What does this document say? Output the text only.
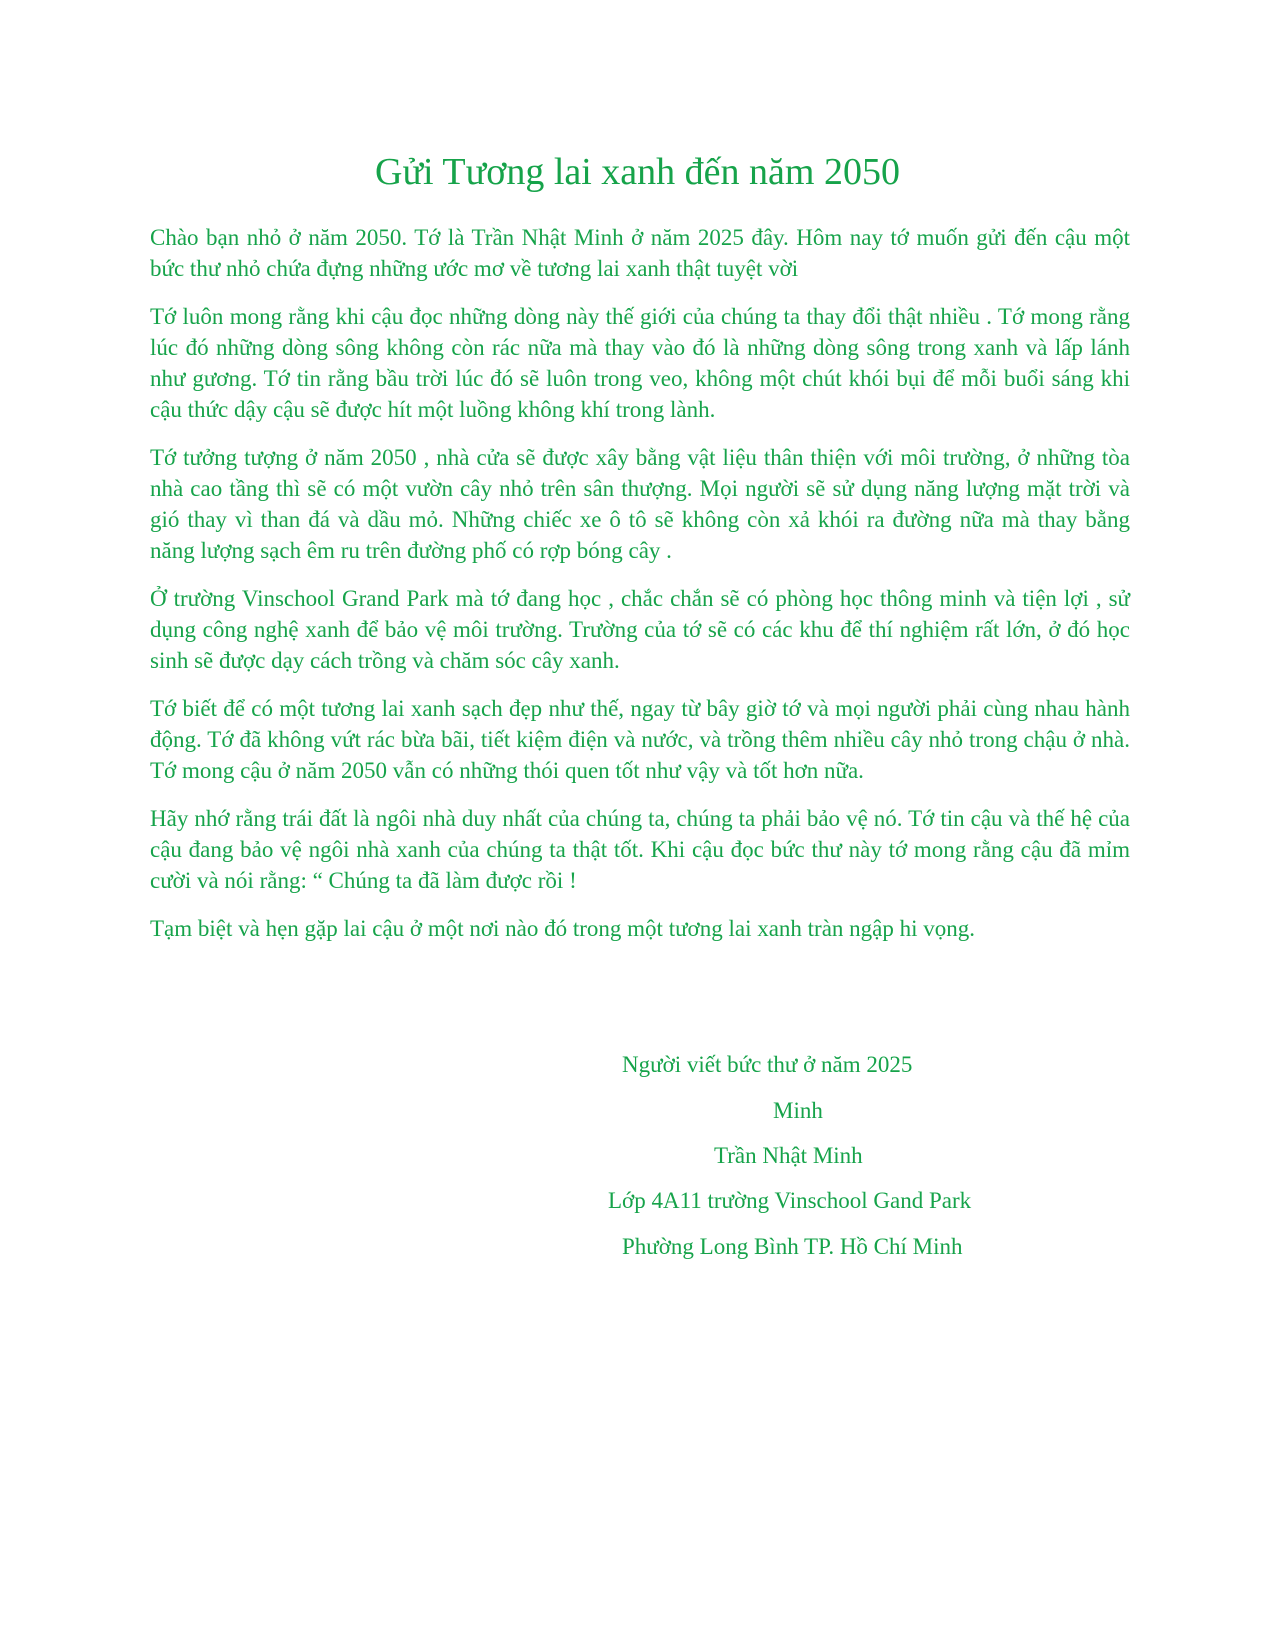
Gửi Tương lai xanh đến năm 2050

Chào bạn nhỏ ở năm 2050. Tớ là Trần Nhật Minh ở năm 2025 đây. Hôm nay tớ muốn gửi đến cậu một bức thư nhỏ chứa đựng những ước mơ về tương lai xanh thật tuyệt vời

Tớ luôn mong rằng khi cậu đọc những dòng này thế giới của chúng ta thay đổi thật nhiều . Tớ mong rằng lúc đó những dòng sông không còn rác nữa mà thay vào đó là những dòng sông trong xanh và lấp lánh như gương. Tớ tin rằng bầu trời lúc đó sẽ luôn trong veo, không một chút khói bụi để mỗi buổi sáng khi cậu thức dậy cậu sẽ được hít một luồng không khí trong lành.

Tớ tưởng tượng ở năm 2050 , nhà cửa sẽ được xây bằng vật liệu thân thiện với môi trường, ở những tòa nhà cao tầng thì sẽ có một vườn cây nhỏ trên sân thượng. Mọi người sẽ sử dụng năng lượng mặt trời và gió thay vì than đá và dầu mỏ. Những chiếc xe ô tô sẽ không còn xả khói ra đường nữa mà thay bằng năng lượng sạch êm ru trên đường phố có rợp bóng cây .

Ở trường Vinschool Grand Park mà tớ đang học , chắc chắn sẽ có phòng học thông minh và tiện lợi , sử dụng công nghệ xanh để bảo vệ môi trường. Trường của tớ sẽ có các khu để thí nghiệm rất lớn, ở đó học sinh sẽ được dạy cách trồng và chăm sóc cây xanh.

Tớ biết để có một tương lai xanh sạch đẹp như thế, ngay từ bây giờ tớ và mọi người phải cùng nhau hành động. Tớ đã không vứt rác bừa bãi, tiết kiệm điện và nước, và trồng thêm nhiều cây nhỏ trong chậu ở nhà. Tớ mong cậu ở năm 2050 vẫn có những thói quen tốt như vậy và tốt hơn nữa.

Hãy nhớ rằng trái đất là ngôi nhà duy nhất của chúng ta, chúng ta phải bảo vệ nó. Tớ tin cậu và thế hệ của cậu đang bảo vệ ngôi nhà xanh của chúng ta thật tốt. Khi cậu đọc bức thư này tớ mong rằng cậu đã mỉm cười và nói rằng: “ Chúng ta đã làm được rồi !

Tạm biệt và hẹn gặp lai cậu ở một nơi nào đó trong một tương lai xanh tràn ngập hi vọng.

Người viết bức thư ở năm 2025
Minh
Trần Nhật Minh
Lớp 4A11 trường Vinschool Gand Park
Phường Long Bình TP. Hồ Chí Minh
